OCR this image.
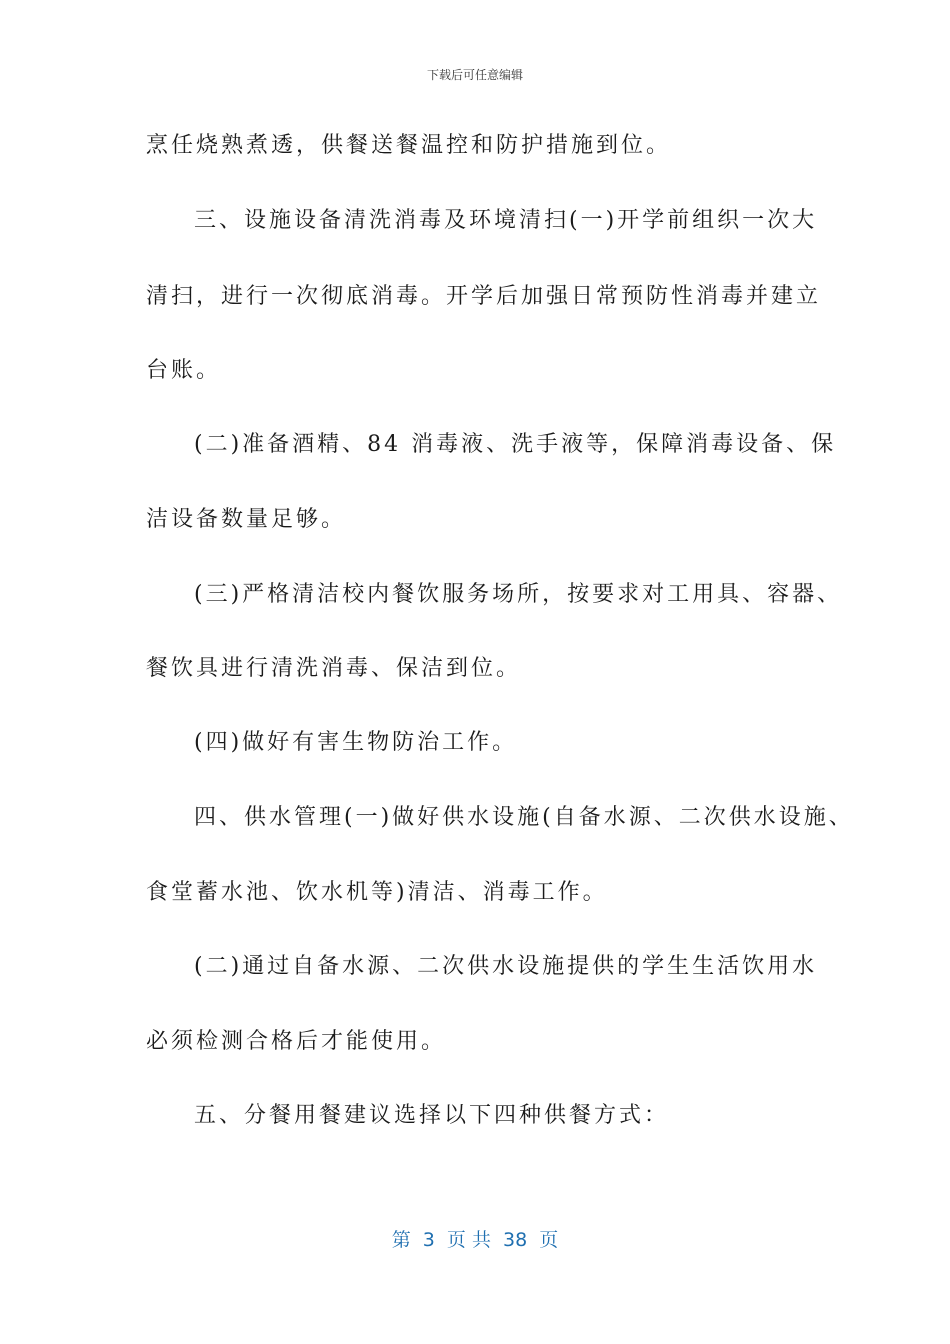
下载后可任意编辑
烹任烧熟煮透，供餐送餐温控和防护措施到位。
三、设施设备清洗消毒及环境清扫(一)开学前组织一次大
清扫，进行一次彻底消毒。开学后加强日常预防性消毒并建立
台账。
(二)准备酒精、84 消毒液、洗手液等，保障消毒设备、保
洁设备数量足够。
(三)严格清洁校内餐饮服务场所，按要求对工用具、容器、
餐饮具进行清洗消毒、保洁到位。
(四)做好有害生物防治工作。
四、供水管理(一)做好供水设施(自备水源、二次供水设施、
食堂蓄水池、饮水机等)清洁、消毒工作。
(二)通过自备水源、二次供水设施提供的学生生活饮用水
必须检测合格后才能使用。
五、分餐用餐建议选择以下四种供餐方式：
第  3  页 共  38  页
